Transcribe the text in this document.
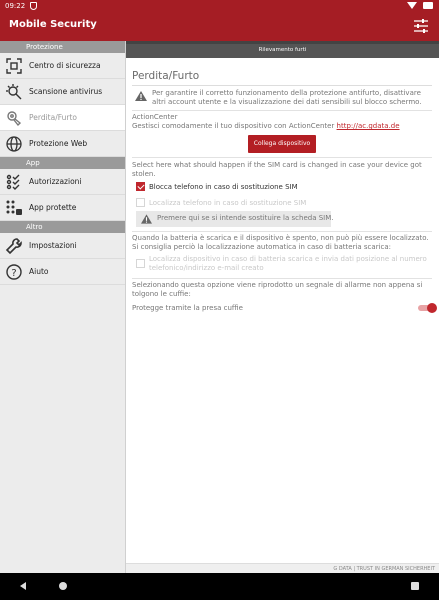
09:22
Mobile Security
Protezione
Centro di sicurezza
Scansione antivirus
Perdita/Furto
Protezione Web
App
Autorizzazioni
App protette
Altro
Impostazioni
? Aiuto
Rilevamento furti
Perdita/Furto
Per garantire il corretto funzionamento della protezione antifurto, disattivare altri account utente e la visualizzazione dei dati sensibili sul blocco schermo.
ActionCenter
Gestisci comodamente il tuo dispositivo con ActionCenter http://ac.gdata.de
Collega dispositivo
Select here what should happen if the SIM card is changed in case your device got stolen.
Blocca telefono in caso di sostituzione SIM
Localizza telefono in caso di sostituzione SIM
Premere qui se si intende sostituire la scheda SIM.
Quando la batteria è scarica e il dispositivo è spento, non può più essere localizzato. Si consiglia perciò la localizzazione automatica in caso di batteria scarica:
Localizza dispositivo in caso di batteria scarica e invia dati posizione al numero
telefonico/indirizzo e-mail creato
Selezionando questa opzione viene riprodotto un segnale di allarme non appena si tolgono le cuffie:
Protegge tramite la presa cuffie
G DATA | TRUST IN GERMAN SICHERHEIT
